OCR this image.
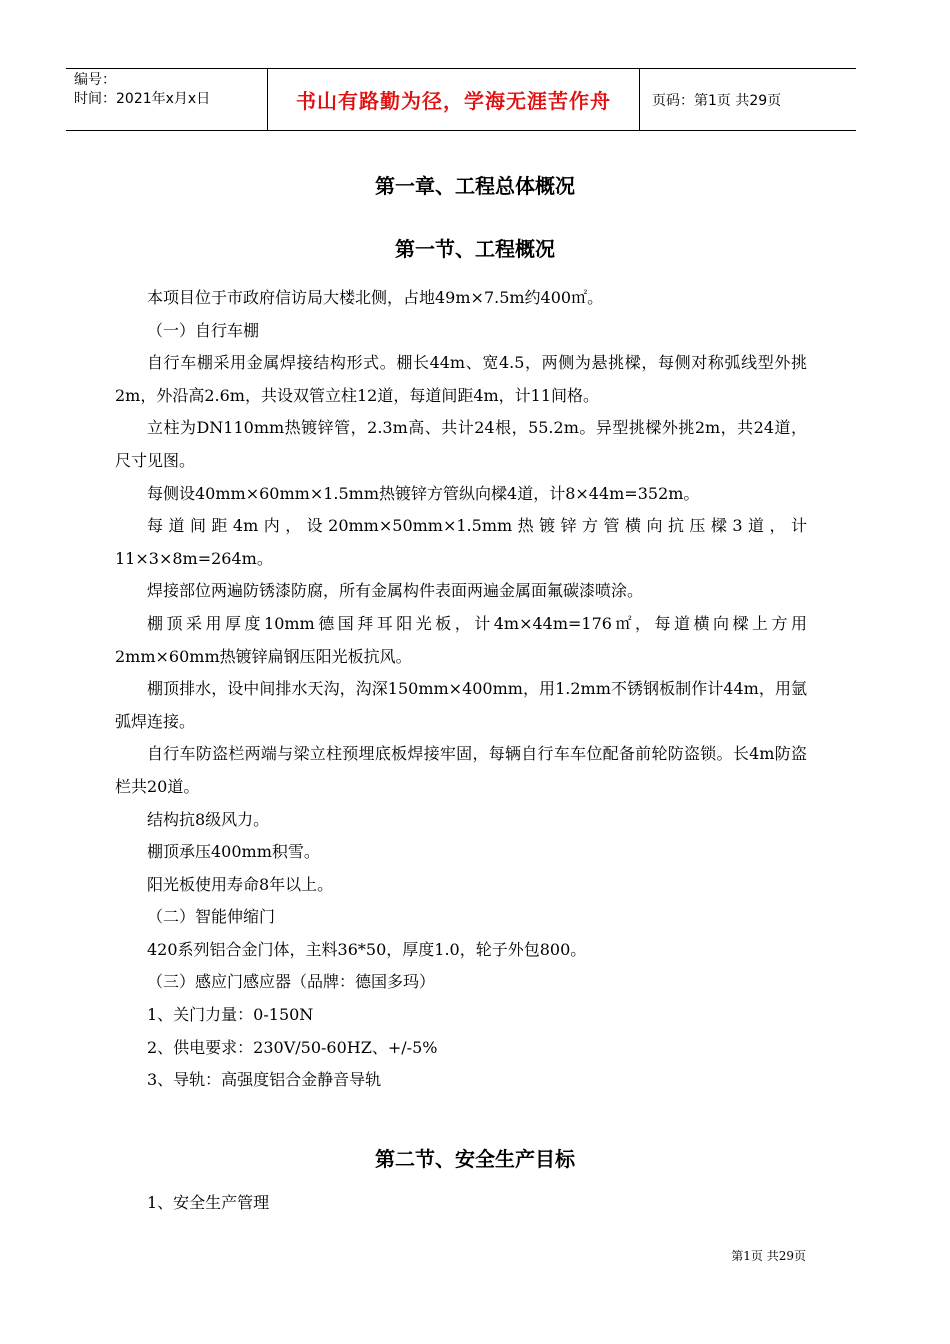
编号：
时间：2021年x月x日	书山有路勤为径，学海无涯苦作舟	页码：第1页 共29页
第一章、工程总体概况
第一节、工程概况

本项目位于市政府信访局大楼北侧，占地49m×7.5m约400㎡。

（一）自行车棚

自行车棚采用金属焊接结构形式。棚长44m、宽4.5，两侧为悬挑樑，每侧对称弧线型外挑2m，外沿高2.6m，共设双管立柱12道，每道间距4m，计11间格。

立柱为DN110mm热镀锌管，2.3m高、共计24根，55.2m。异型挑樑外挑2m，共24道，尺寸见图。

每侧设40mm×60mm×1.5mm热镀锌方管纵向樑4道，计8×44m=352m。

每道间距4m内，设20mm×50mm×1.5mm热镀锌方管横向抗压樑3道，计11×3×8m=264m。

焊接部位两遍防锈漆防腐，所有金属构件表面两遍金属面氟碳漆喷涂。

棚顶采用厚度10mm德国拜耳阳光板，计4m×44m=176㎡，每道横向樑上方用2mm×60mm热镀锌扁钢压阳光板抗风。

棚顶排水，设中间排水天沟，沟深150mm×400mm，用1.2mm不锈钢板制作计44m，用氩弧焊连接。

自行车防盗栏两端与梁立柱预埋底板焊接牢固，每辆自行车车位配备前轮防盗锁。长4m防盗栏共20道。

结构抗8级风力。

棚顶承压400mm积雪。

阳光板使用寿命8年以上。

（二）智能伸缩门

420系列铝合金门体，主料36*50，厚度1.0，轮子外包800。

（三）感应门感应器（品牌：德国多玛）

1、关门力量：0-150N

2、供电要求：230V/50-60HZ、+/-5%

3、导轨：高强度铝合金静音导轨

第二节、安全生产目标

1、安全生产管理

第1页 共29页
